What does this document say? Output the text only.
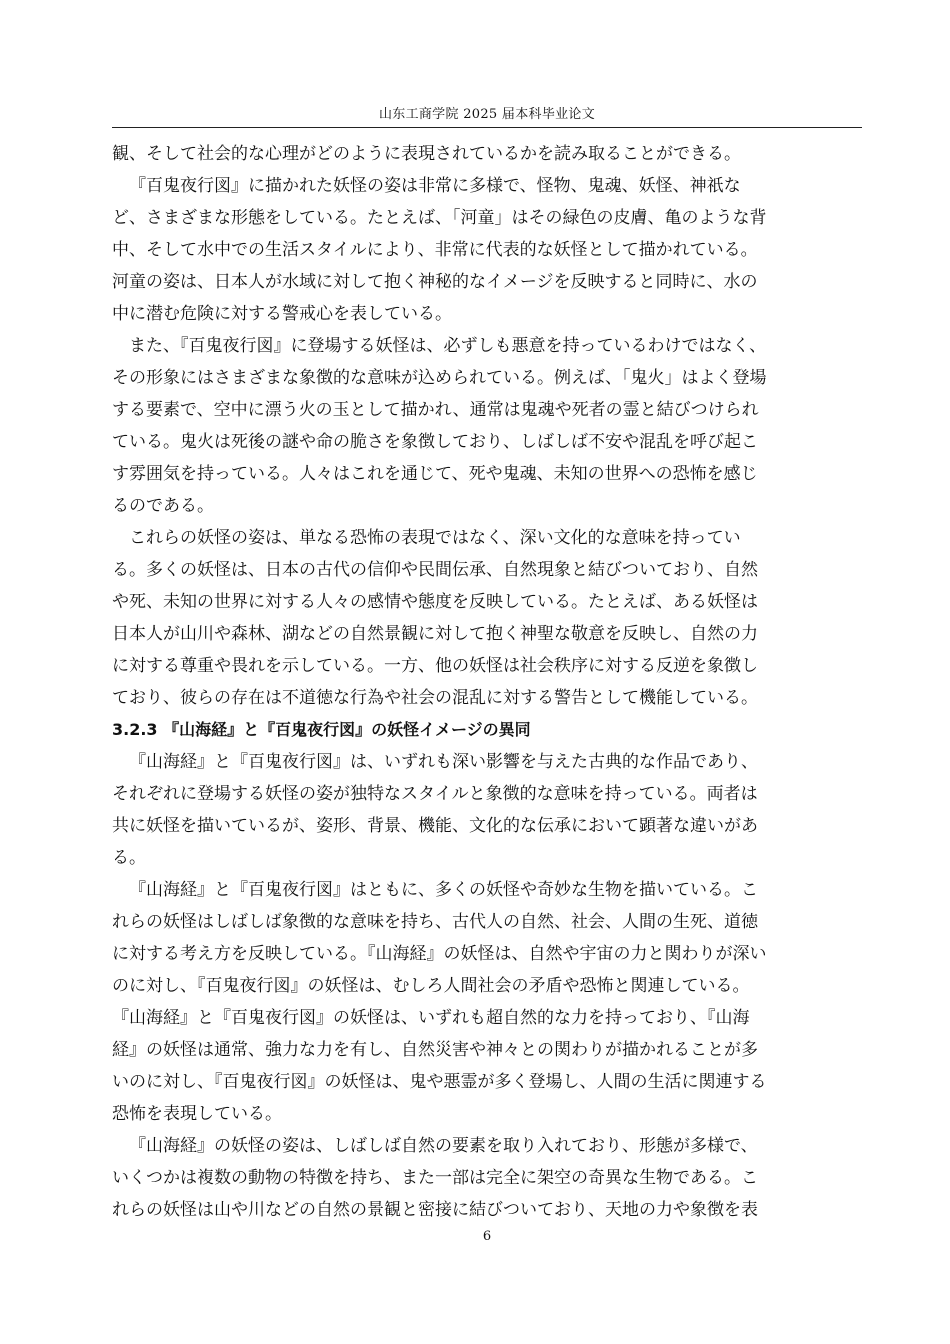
山东工商学院 2025 届本科毕业论文
観、そして社会的な心理がどのように表現されているかを読み取ることができる。
『百鬼夜行図』に描かれた妖怪の姿は非常に多様で、怪物、鬼魂、妖怪、神祇な
ど、さまざまな形態をしている。たとえば、「河童」はその緑色の皮膚、亀のような背
中、そして水中での生活スタイルにより、非常に代表的な妖怪として描かれている。
河童の姿は、日本人が水域に対して抱く神秘的なイメージを反映すると同時に、水の
中に潜む危険に対する警戒心を表している。
また、『百鬼夜行図』に登場する妖怪は、必ずしも悪意を持っているわけではなく、
その形象にはさまざまな象徴的な意味が込められている。例えば、「鬼火」はよく登場
する要素で、空中に漂う火の玉として描かれ、通常は鬼魂や死者の霊と結びつけられ
ている。鬼火は死後の謎や命の脆さを象徴しており、しばしば不安や混乱を呼び起こ
す雰囲気を持っている。人々はこれを通じて、死や鬼魂、未知の世界への恐怖を感じ
るのである。
これらの妖怪の姿は、単なる恐怖の表現ではなく、深い文化的な意味を持ってい
る。多くの妖怪は、日本の古代の信仰や民間伝承、自然現象と結びついており、自然
や死、未知の世界に対する人々の感情や態度を反映している。たとえば、ある妖怪は
日本人が山川や森林、湖などの自然景観に対して抱く神聖な敬意を反映し、自然の力
に対する尊重や畏れを示している。一方、他の妖怪は社会秩序に対する反逆を象徴し
ており、彼らの存在は不道徳な行為や社会の混乱に対する警告として機能している。
3.2.3 『山海経』と『百鬼夜行図』の妖怪イメージの異同
『山海経』と『百鬼夜行図』は、いずれも深い影響を与えた古典的な作品であり、
それぞれに登場する妖怪の姿が独特なスタイルと象徴的な意味を持っている。両者は
共に妖怪を描いているが、姿形、背景、機能、文化的な伝承において顕著な違いがあ
る。
『山海経』と『百鬼夜行図』はともに、多くの妖怪や奇妙な生物を描いている。こ
れらの妖怪はしばしば象徴的な意味を持ち、古代人の自然、社会、人間の生死、道徳
に対する考え方を反映している。『山海経』の妖怪は、自然や宇宙の力と関わりが深い
のに対し、『百鬼夜行図』の妖怪は、むしろ人間社会の矛盾や恐怖と関連している。
『山海経』と『百鬼夜行図』の妖怪は、いずれも超自然的な力を持っており、『山海
経』の妖怪は通常、強力な力を有し、自然災害や神々との関わりが描かれることが多
いのに対し、『百鬼夜行図』の妖怪は、鬼や悪霊が多く登場し、人間の生活に関連する
恐怖を表現している。
『山海経』の妖怪の姿は、しばしば自然の要素を取り入れており、形態が多様で、
いくつかは複数の動物の特徴を持ち、また一部は完全に架空の奇異な生物である。こ
れらの妖怪は山や川などの自然の景観と密接に結びついており、天地の力や象徴を表
6
